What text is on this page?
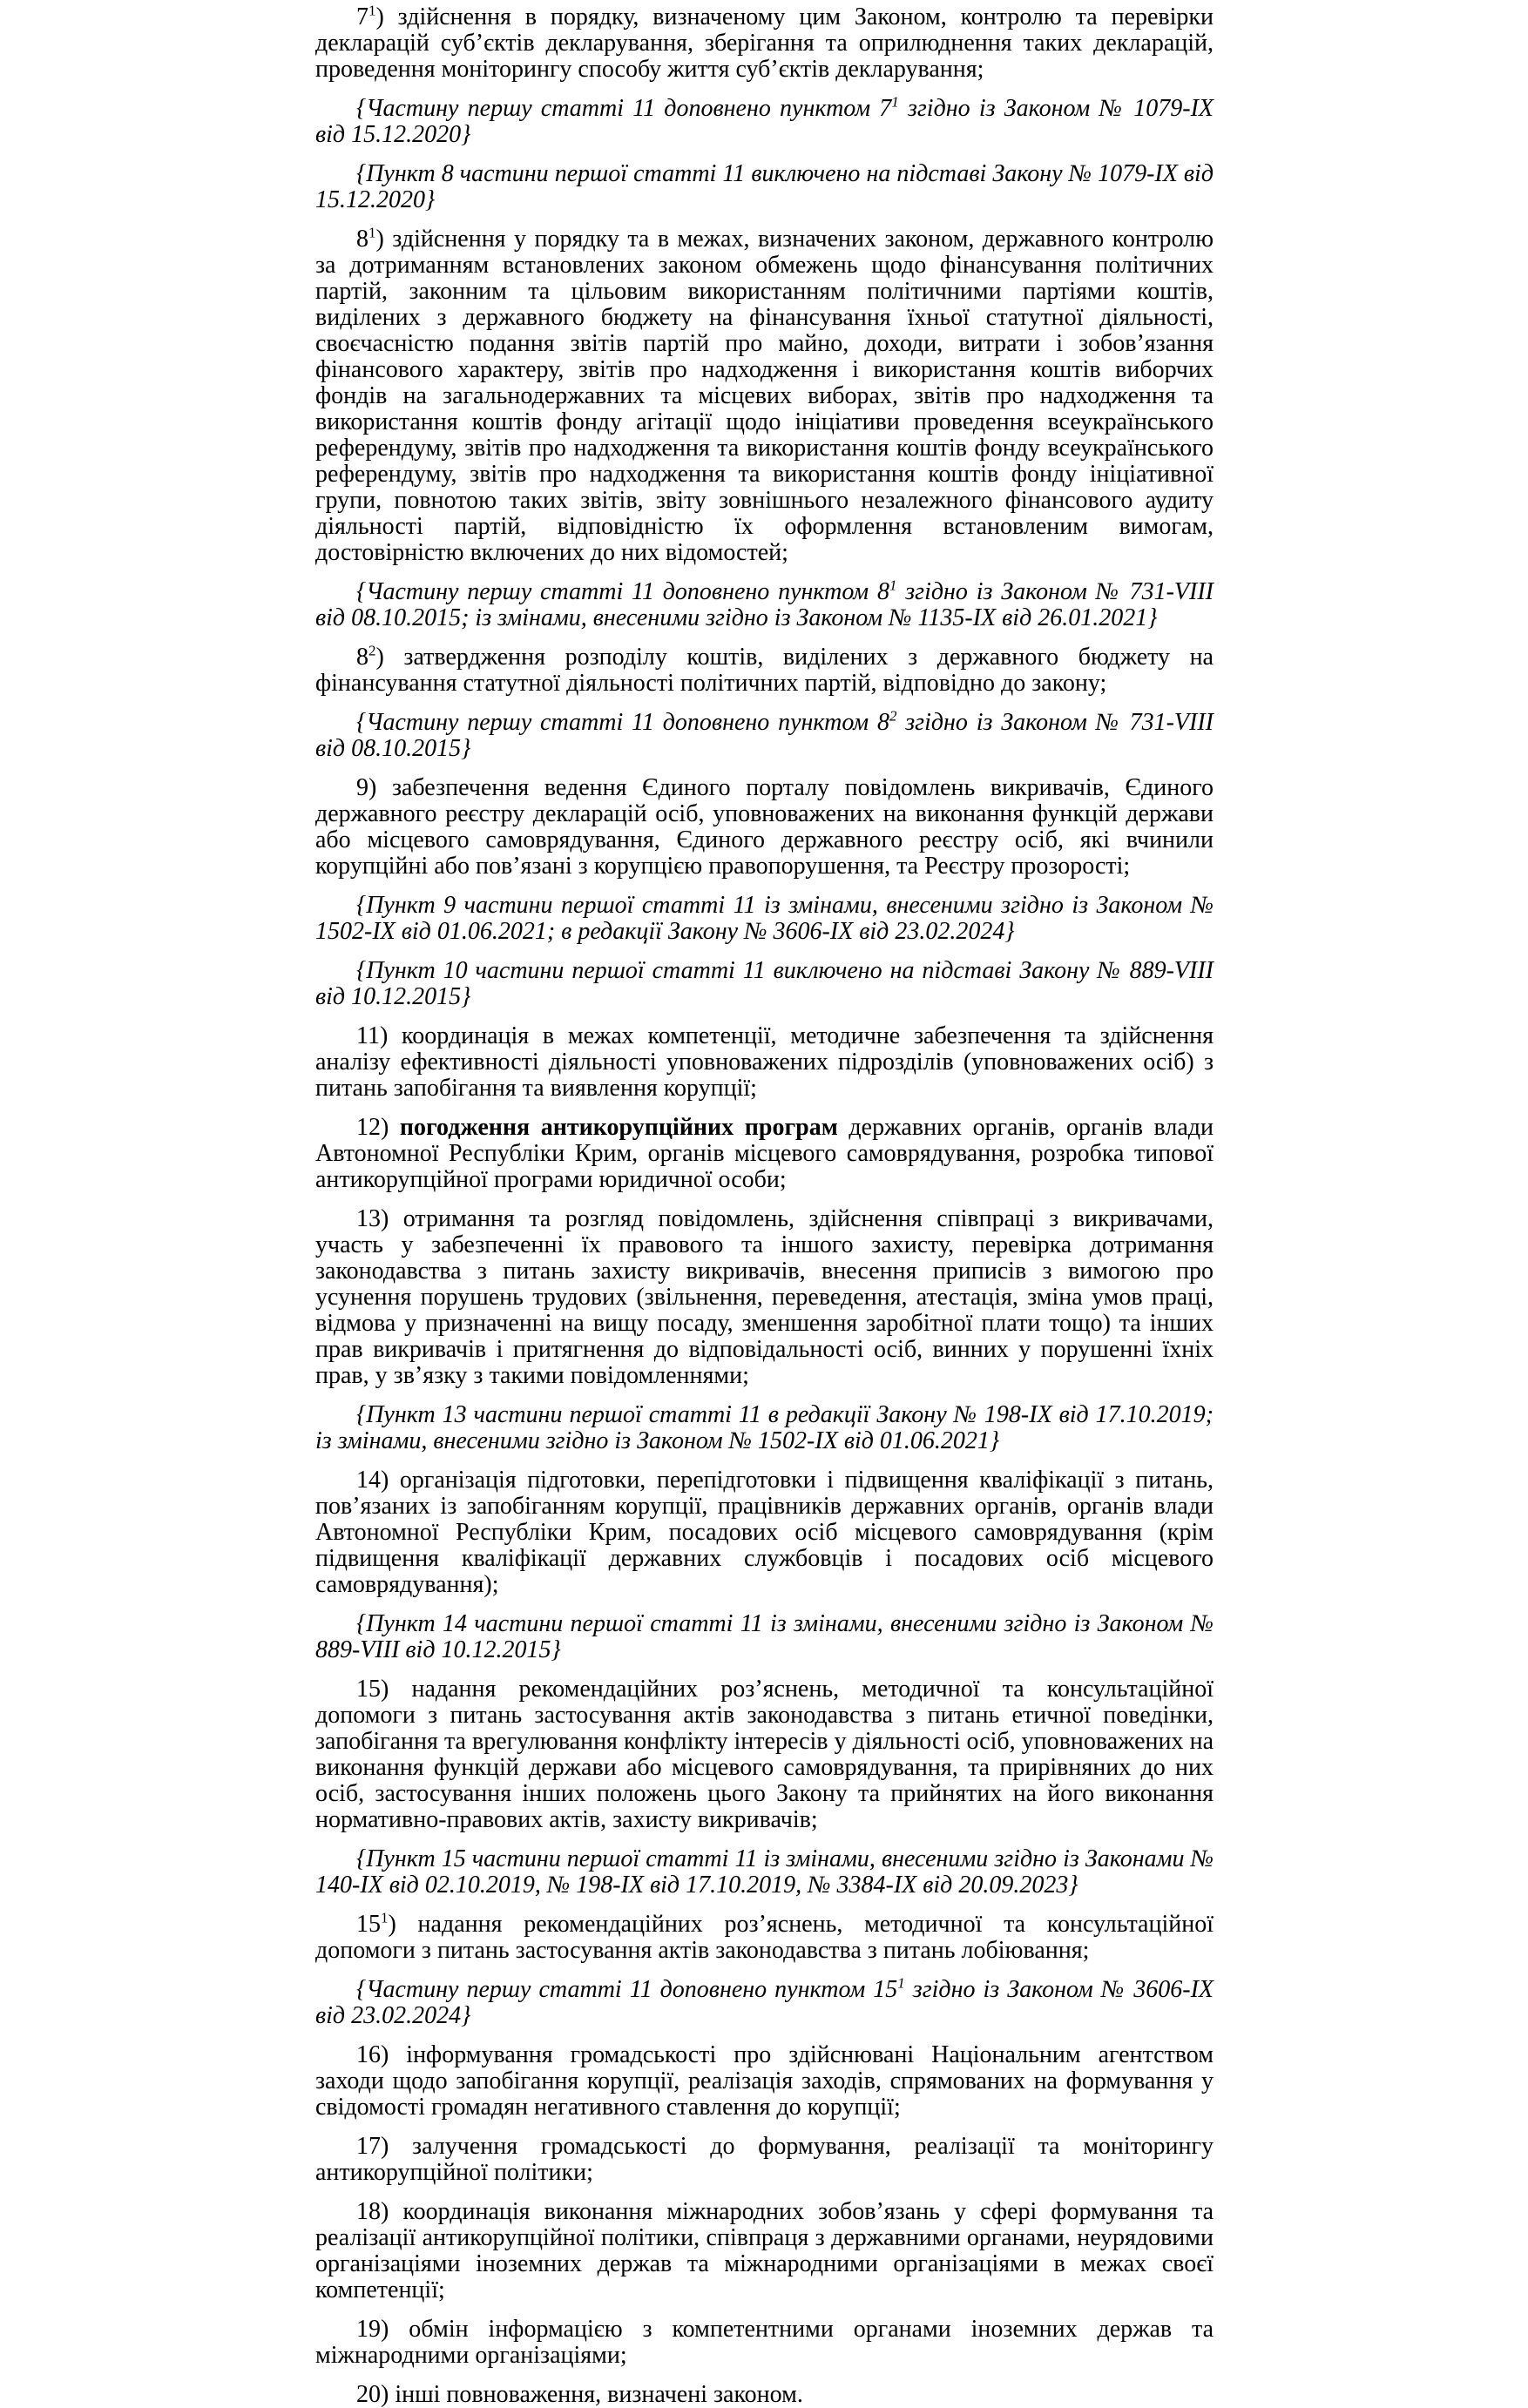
$7^1$) здійснення в порядку, визначеному цим Законом, контролю та перевірки декларацій суб’єктів декларування, зберігання та оприлюднення таких декларацій, проведення моніторингу способу життя суб’єктів декларування;

{Частину першу статті 11 доповнено пунктом $7^1$ згідно із Законом № 1079-ІХ від 15.12.2020}

{Пункт 8 частини першої статті 11 виключено на підставі Закону № 1079-ІХ від 15.12.2020}

$8^1$) здійснення у порядку та в межах, визначених законом, державного контролю за дотриманням встановлених законом обмежень щодо фінансування політичних партій, законним та цільовим використанням політичними партіями коштів, виділених з державного бюджету на фінансування їхньої статутної діяльності, своєчасністю подання звітів партій про майно, доходи, витрати і зобов’язання фінансового характеру, звітів про надходження і використання коштів виборчих фондів на загальнодержавних та місцевих виборах, звітів про надходження та використання коштів фонду агітації щодо ініціативи проведення всеукраїнського референдуму, звітів про надходження та використання коштів фонду всеукраїнського референдуму, звітів про надходження та використання коштів фонду ініціативної групи, повнотою таких звітів, звіту зовнішнього незалежного фінансового аудиту діяльності партій, відповідністю їх оформлення встановленим вимогам, достовірністю включених до них відомостей;

{Частину першу статті 11 доповнено пунктом $8^1$ згідно із Законом № 731-VIII від 08.10.2015; із змінами, внесеними згідно із Законом № 1135-ІХ від 26.01.2021}

$8^2$) затвердження розподілу коштів, виділених з державного бюджету на фінансування статутної діяльності політичних партій, відповідно до закону;

{Частину першу статті 11 доповнено пунктом $8^2$ згідно із Законом № 731-VIII від 08.10.2015}

9) забезпечення ведення Єдиного порталу повідомлень викривачів, Єдиного державного реєстру декларацій осіб, уповноважених на виконання функцій держави або місцевого самоврядування, Єдиного державного реєстру осіб, які вчинили корупційні або пов’язані з корупцією правопорушення, та Реєстру прозорості;

{Пункт 9 частини першої статті 11 із змінами, внесеними згідно із Законом № 1502-ІХ від 01.06.2021; в редакції Закону № 3606-ІХ від 23.02.2024}

{Пункт 10 частини першої статті 11 виключено на підставі Закону № 889-VIII від 10.12.2015}

11) координація в межах компетенції, методичне забезпечення та здійснення аналізу ефективності діяльності уповноважених підрозділів (уповноважених осіб) з питань запобігання та виявлення корупції;

12) погодження антикорупційних програм державних органів, органів влади Автономної Республіки Крим, органів місцевого самоврядування, розробка типової антикорупційної програми юридичної особи;

13) отримання та розгляд повідомлень, здійснення співпраці з викривачами, участь у забезпеченні їх правового та іншого захисту, перевірка дотримання законодавства з питань захисту викривачів, внесення приписів з вимогою про усунення порушень трудових (звільнення, переведення, атестація, зміна умов праці, відмова у призначенні на вищу посаду, зменшення заробітної плати тощо) та інших прав викривачів і притягнення до відповідальності осіб, винних у порушенні їхніх прав, у зв’язку з такими повідомленнями;

{Пункт 13 частини першої статті 11 в редакції Закону № 198-ІХ від 17.10.2019; із змінами, внесеними згідно із Законом № 1502-ІХ від 01.06.2021}

14) організація підготовки, перепідготовки і підвищення кваліфікації з питань, пов’язаних із запобіганням корупції, працівників державних органів, органів влади Автономної Республіки Крим, посадових осіб місцевого самоврядування (крім підвищення кваліфікації державних службовців і посадових осіб місцевого самоврядування);

{Пункт 14 частини першої статті 11 із змінами, внесеними згідно із Законом № 889-VIII від 10.12.2015}

15) надання рекомендаційних роз’яснень, методичної та консультаційної допомоги з питань застосування актів законодавства з питань етичної поведінки, запобігання та врегулювання конфлікту інтересів у діяльності осіб, уповноважених на виконання функцій держави або місцевого самоврядування, та прирівняних до них осіб, застосування інших положень цього Закону та прийнятих на його виконання нормативно-правових актів, захисту викривачів;

{Пункт 15 частини першої статті 11 із змінами, внесеними згідно із Законами № 140-ІХ від 02.10.2019, № 198-ІХ від 17.10.2019, № 3384-ІХ від 20.09.2023}

$15^1$) надання рекомендаційних роз’яснень, методичної та консультаційної допомоги з питань застосування актів законодавства з питань лобіювання;

{Частину першу статті 11 доповнено пунктом $15^1$ згідно із Законом № 3606-ІХ від 23.02.2024}

16) інформування громадськості про здійснювані Національним агентством заходи щодо запобігання корупції, реалізація заходів, спрямованих на формування у свідомості громадян негативного ставлення до корупції;

17) залучення громадськості до формування, реалізації та моніторингу антикорупційної політики;

18) координація виконання міжнародних зобов’язань у сфері формування та реалізації антикорупційної політики, співпраця з державними органами, неурядовими організаціями іноземних держав та міжнародними організаціями в межах своєї компетенції;

19) обмін інформацією з компетентними органами іноземних держав та міжнародними організаціями;

20) інші повноваження, визначені законом.
